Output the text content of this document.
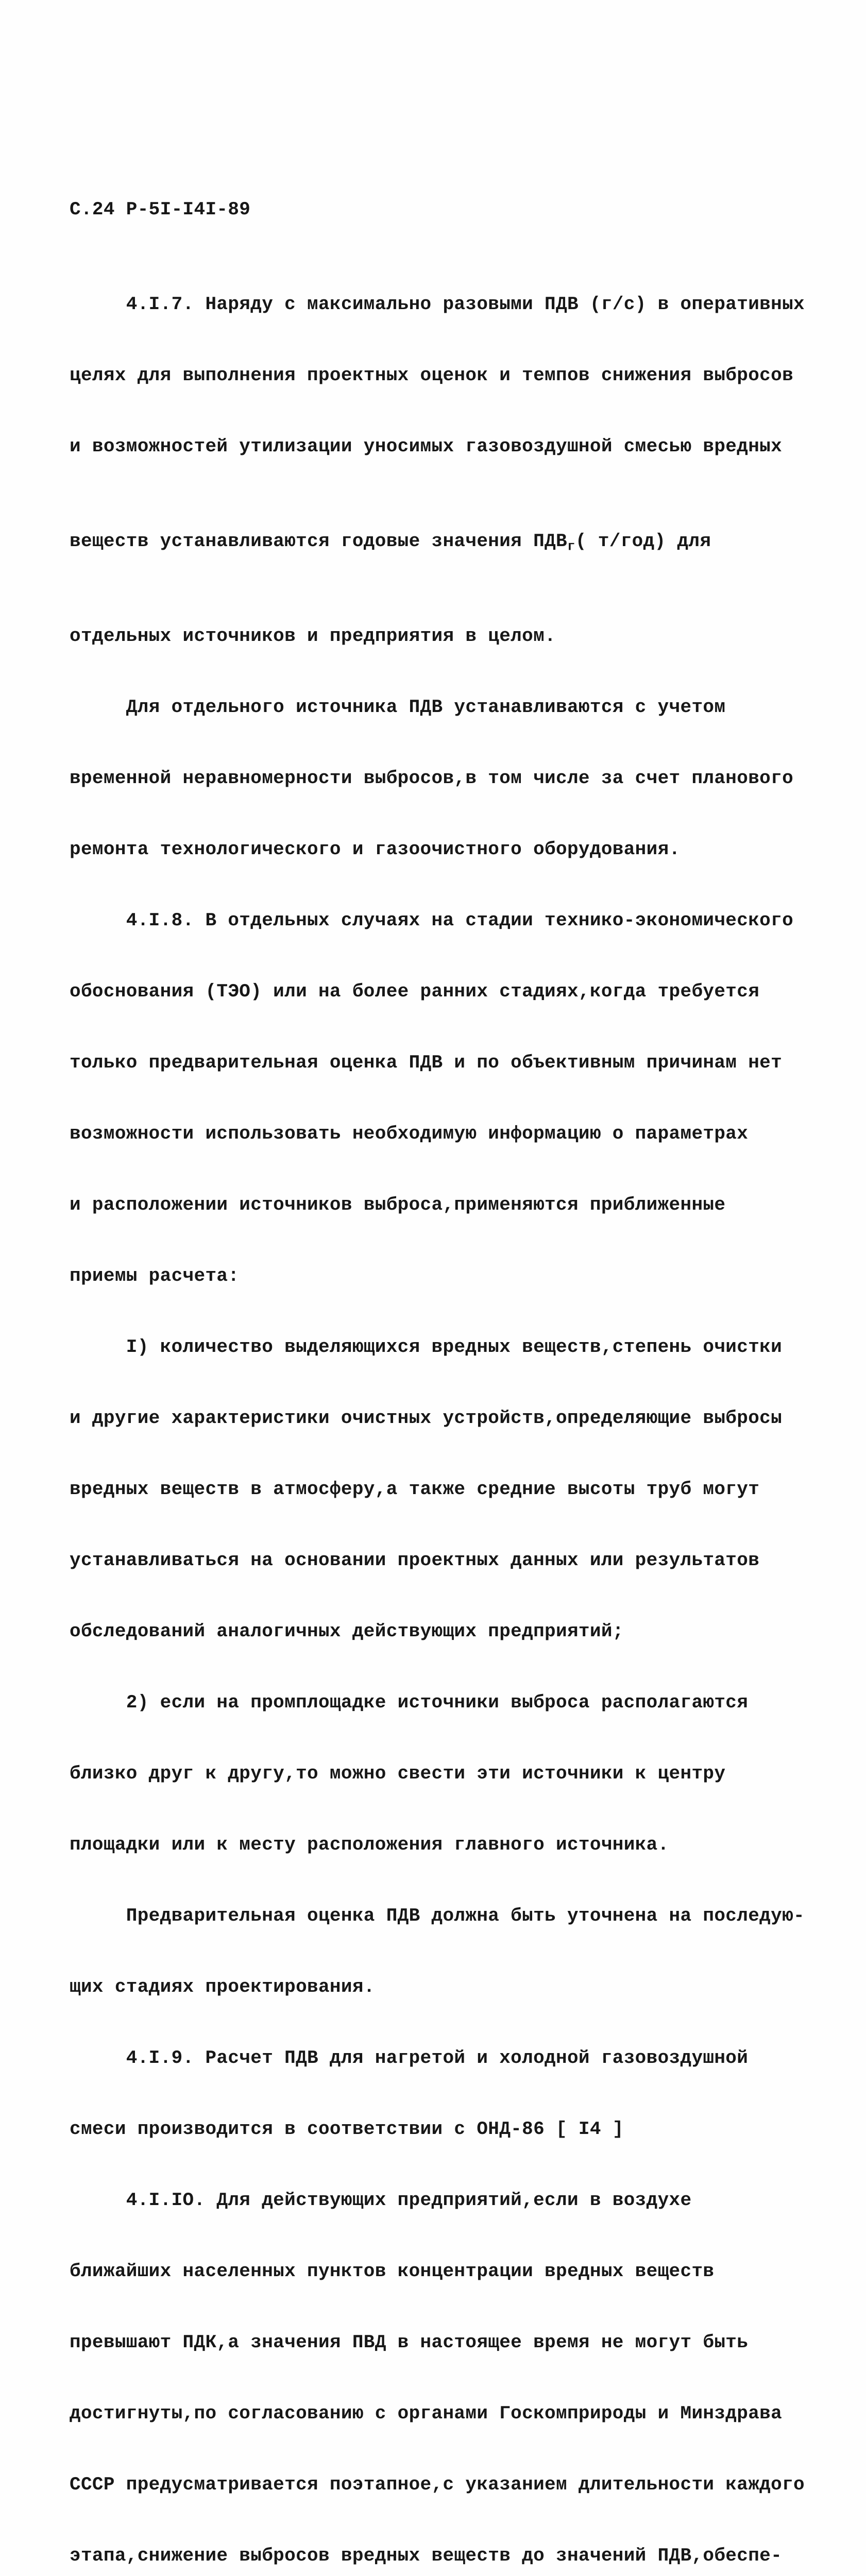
С.24 Р-5I-I4I-89

4.I.7. Наряду с максимально разовыми ПДВ (г/с) в оперативных

целях для выполнения проектных оценок и темпов снижения выбросов

и возможностей утилизации уносимых газовоздушной смесью вредных

веществ устанавливаются годовые значения $ПДВ_г$( т/год) для

отдельных источников и предприятия в целом.

Для отдельного источника ПДВ устанавливаются с учетом

временной неравномерности выбросов,в том числе за счет планового

ремонта технологического и газоочистного оборудования.

4.I.8. В отдельных случаях на стадии технико-экономического

обоснования (ТЭО) или на более ранних стадиях,когда требуется

только предварительная оценка ПДВ и по объективным причинам нет

возможности использовать необходимую информацию о параметрах

и расположении источников выброса,применяются приближенные

приемы расчета:

I) количество выделяющихся вредных веществ,степень очистки

и другие характеристики очистных устройств,определяющие выбросы

вредных веществ в атмосферу,а также средние высоты труб могут

устанавливаться на основании проектных данных или результатов

обследований аналогичных действующих предприятий;

2) если на промплощадке источники выброса располагаются

близко друг к другу,то можно свести эти источники к центру

площадки или к месту расположения главного источника.

Предварительная оценка ПДВ должна быть уточнена на последую-

щих стадиях проектирования.

4.I.9. Расчет ПДВ для нагретой и холодной газовоздушной

смеси производится в соответствии с ОНД-86 [ I4 ]

4.I.IO. Для действующих предприятий,если в воздухе

ближайших населенных пунктов концентрации вредных веществ

превышают ПДК,а значения ПВД в настоящее время не могут быть

достигнуты,по согласованию с органами Госкомприроды и Минздрава

СССР предусматривается поэтапное,с указанием длительности каждого

этапа,снижение выбросов вредных веществ до значений ПДВ,обеспе-
